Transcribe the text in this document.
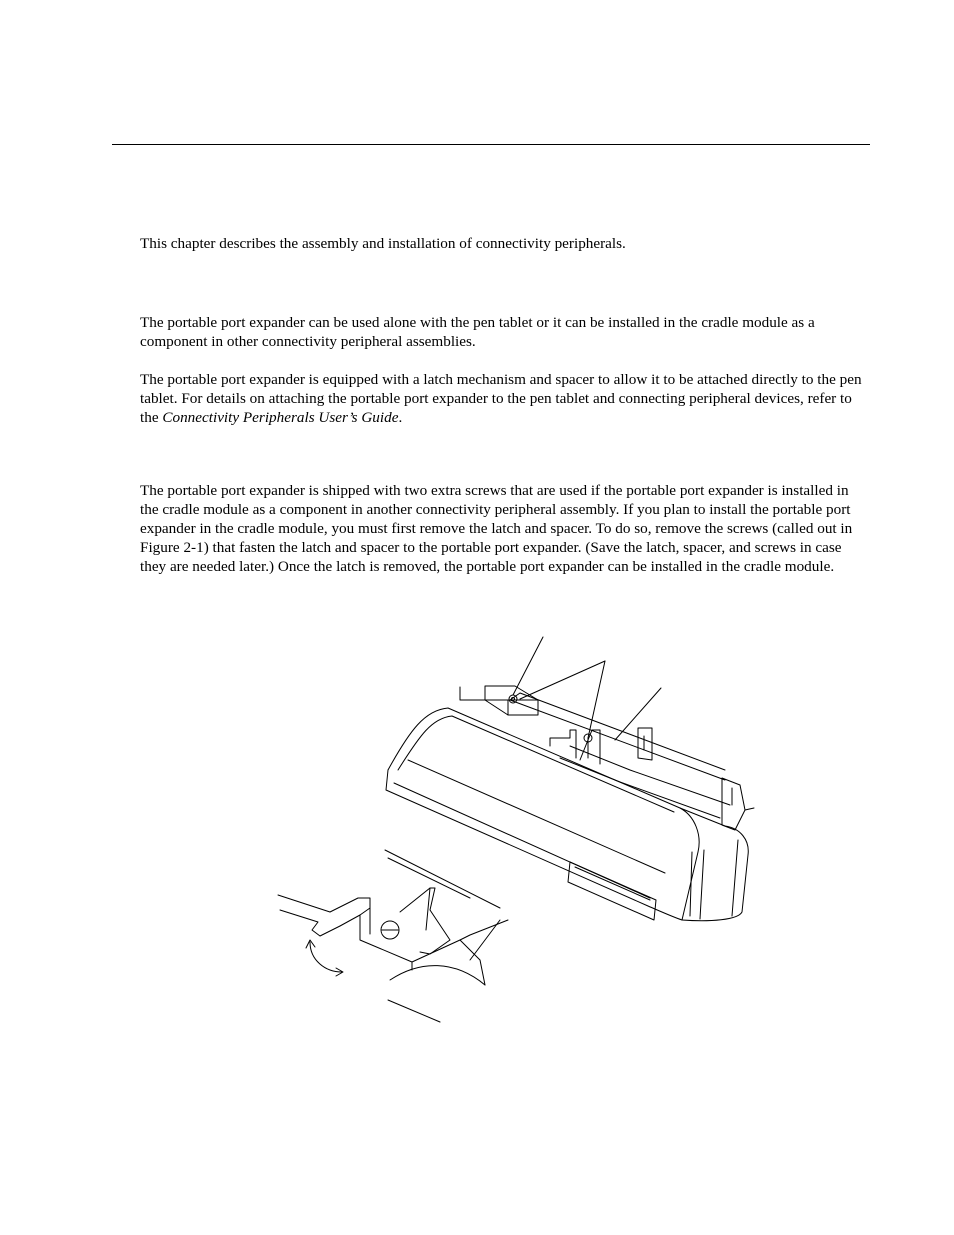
This chapter describes the assembly and installation of connectivity peripherals.

The portable port expander can be used alone with the pen tablet or it can be installed in the cradle module as a component in other connectivity peripheral assemblies.

The portable port expander is equipped with a latch mechanism and spacer to allow it to be attached directly to the pen tablet. For details on attaching the portable port expander to the pen tablet and connecting peripheral devices, refer to the Connectivity Peripherals User’s Guide.

The portable port expander is shipped with two extra screws that are used if the portable port expander is installed in the cradle module as a component in another connectivity peripheral assembly. If you plan to install the portable port expander in the cradle module, you must first remove the latch and spacer. To do so, remove the screws (called out in Figure 2-1) that fasten the latch and spacer to the portable port expander. (Save the latch, spacer, and screws in case they are needed later.) Once the latch is removed, the portable port expander can be installed in the cradle module.
